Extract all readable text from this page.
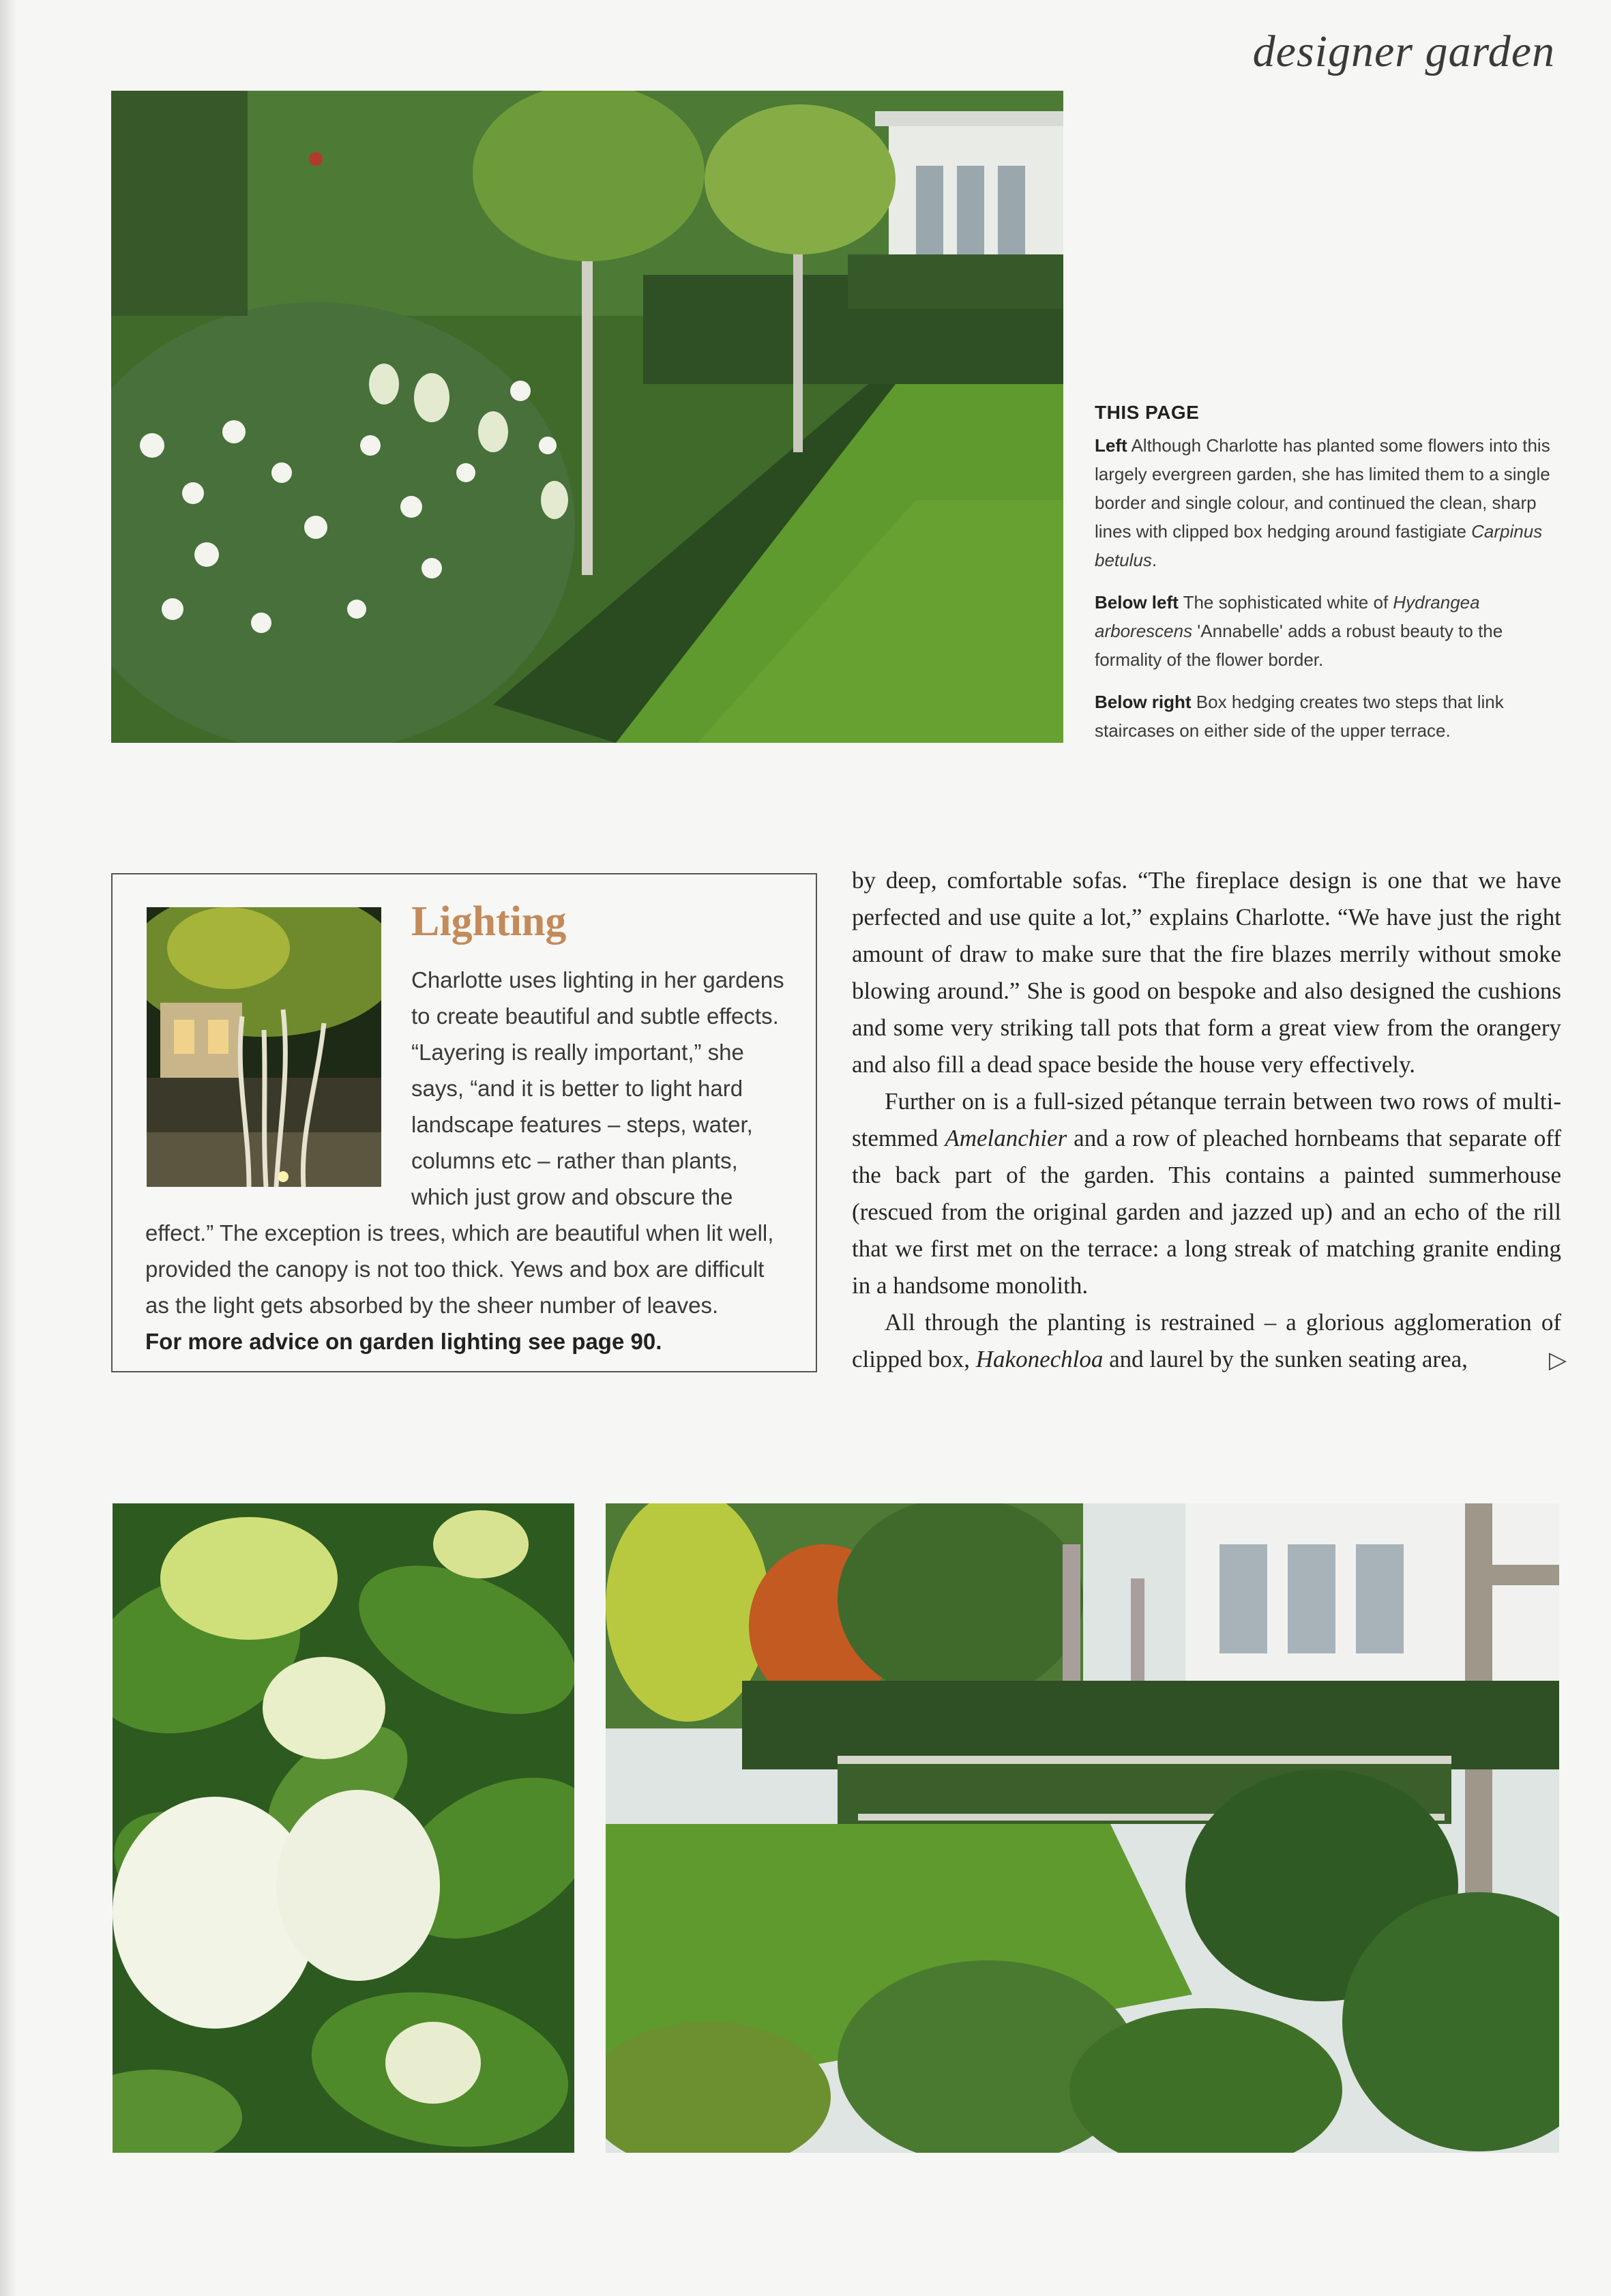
designer garden
THIS PAGE

Left Although Charlotte has planted some flowers into this largely evergreen garden, she has limited them to a single border and single colour, and continued the clean, sharp lines with clipped box hedging around fastigiate Carpinus betulus.

Below left The sophisticated white of Hydrangea arborescens 'Annabelle' adds a robust beauty to the formality of the flower border.

Below right Box hedging creates two steps that link staircases on either side of the upper terrace.

Lighting
Charlotte uses lighting in her gardens to create beautiful and subtle effects. “Layering is really important,” she says, “and it is better to light hard landscape features – steps, water, columns etc – rather than plants, which just grow and obscure the effect.” The exception is trees, which are beautiful when lit well, provided the canopy is not too thick. Yews and box are difficult as the light gets absorbed by the sheer number of leaves.
For more advice on garden lighting see page 90.

by deep, comfortable sofas. “The fireplace design is one that we have perfected and use quite a lot,” explains Charlotte. “We have just the right amount of draw to make sure that the fire blazes merrily without smoke blowing around.” She is good on bespoke and also designed the cushions and some very striking tall pots that form a great view from the orangery and also fill a dead space beside the house very effectively.

Further on is a full-sized pétanque terrain between two rows of multi-stemmed Amelanchier and a row of pleached hornbeams that separate off the back part of the garden. This contains a painted summerhouse (rescued from the original garden and jazzed up) and an echo of the rill that we first met on the terrace: a long streak of matching granite ending in a handsome monolith.

All through the planting is restrained – a glorious agglomeration of clipped box, Hakonechloa and laurel by the sunken seating area,	▷
